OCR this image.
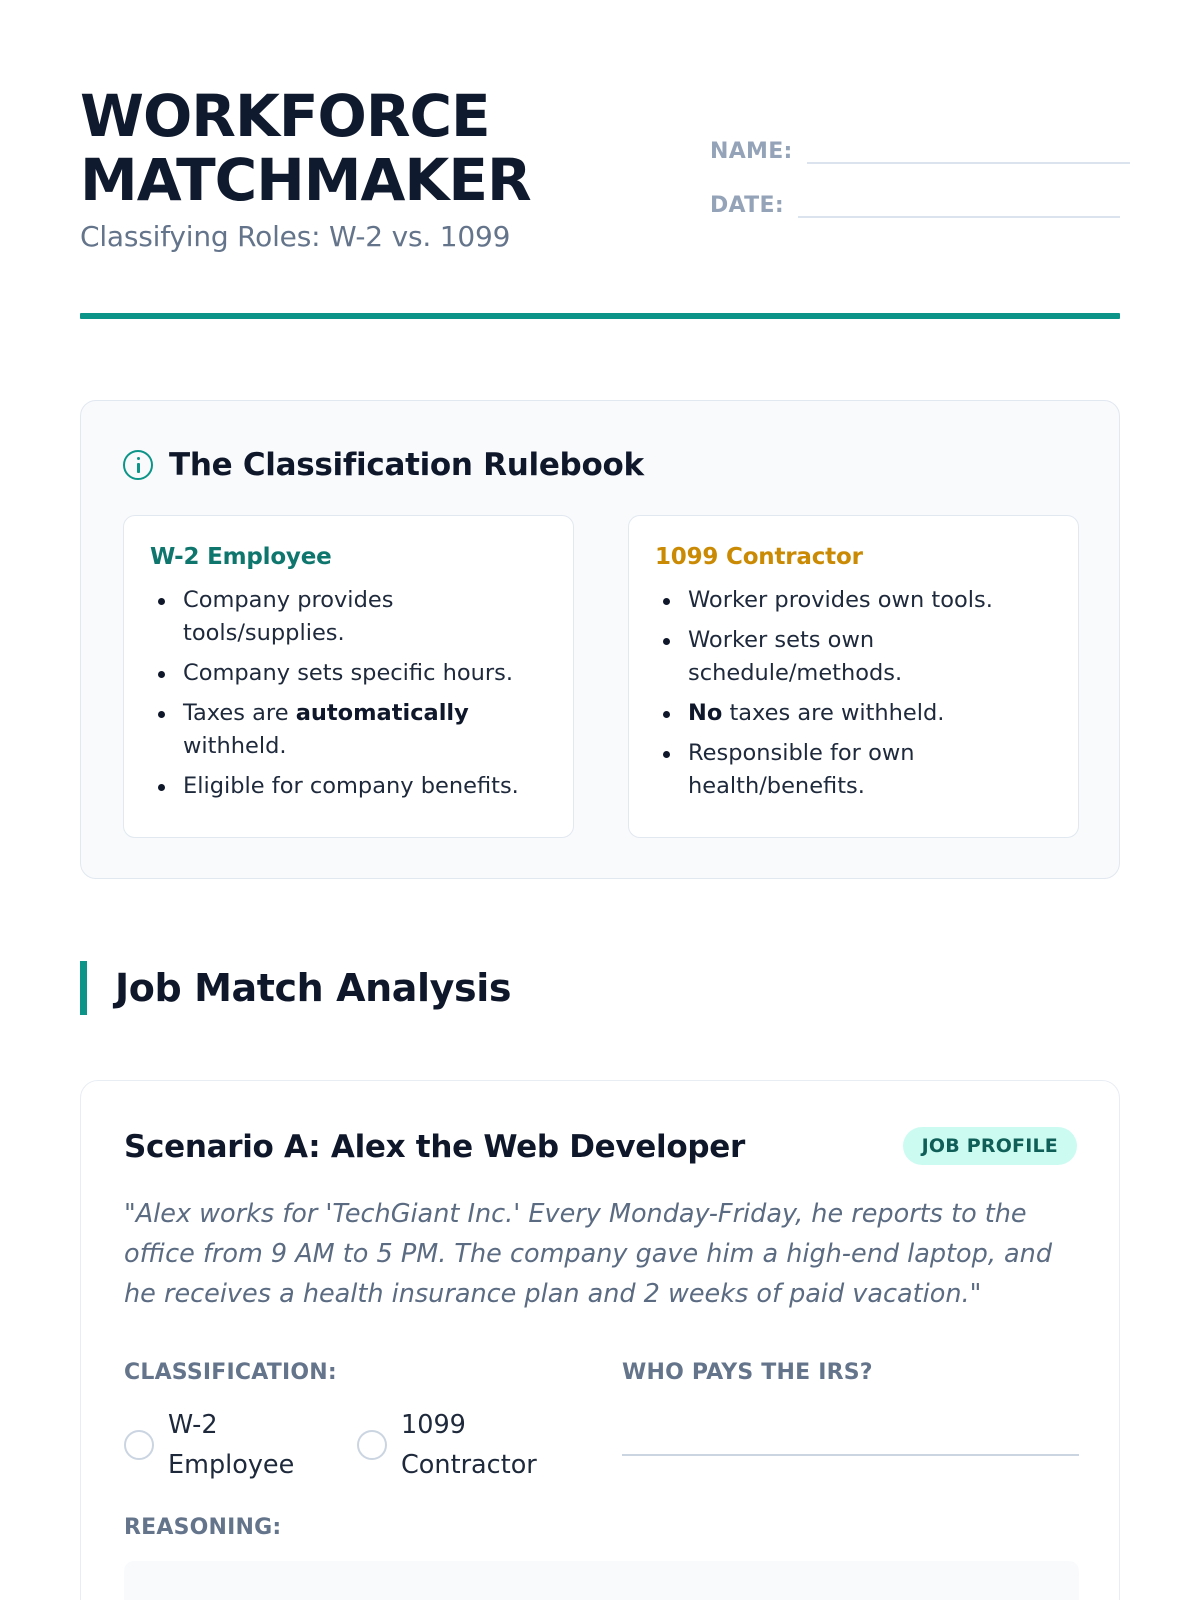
WORKFORCE
MATCHMAKER
Classifying Roles: W-2 vs. 1099
NAME:
DATE:
The Classification Rulebook
W-2 Employee
Company provides tools/supplies.
Company sets specific hours.
Taxes are automatically withheld.
Eligible for company benefits.
1099 Contractor
Worker provides own tools.
Worker sets own schedule/methods.
No taxes are withheld.
Responsible for own health/benefits.
Job Match Analysis
Scenario A: Alex the Web Developer	JOB PROFILE
"Alex works for 'TechGiant Inc.' Every Monday-Friday, he reports to the office from 9 AM to 5 PM. The company gave him a high-end laptop, and he receives a health insurance plan and 2 weeks of paid vacation."
CLASSIFICATION:
W-2 Employee
1099 Contractor
WHO PAYS THE IRS?
REASONING:
